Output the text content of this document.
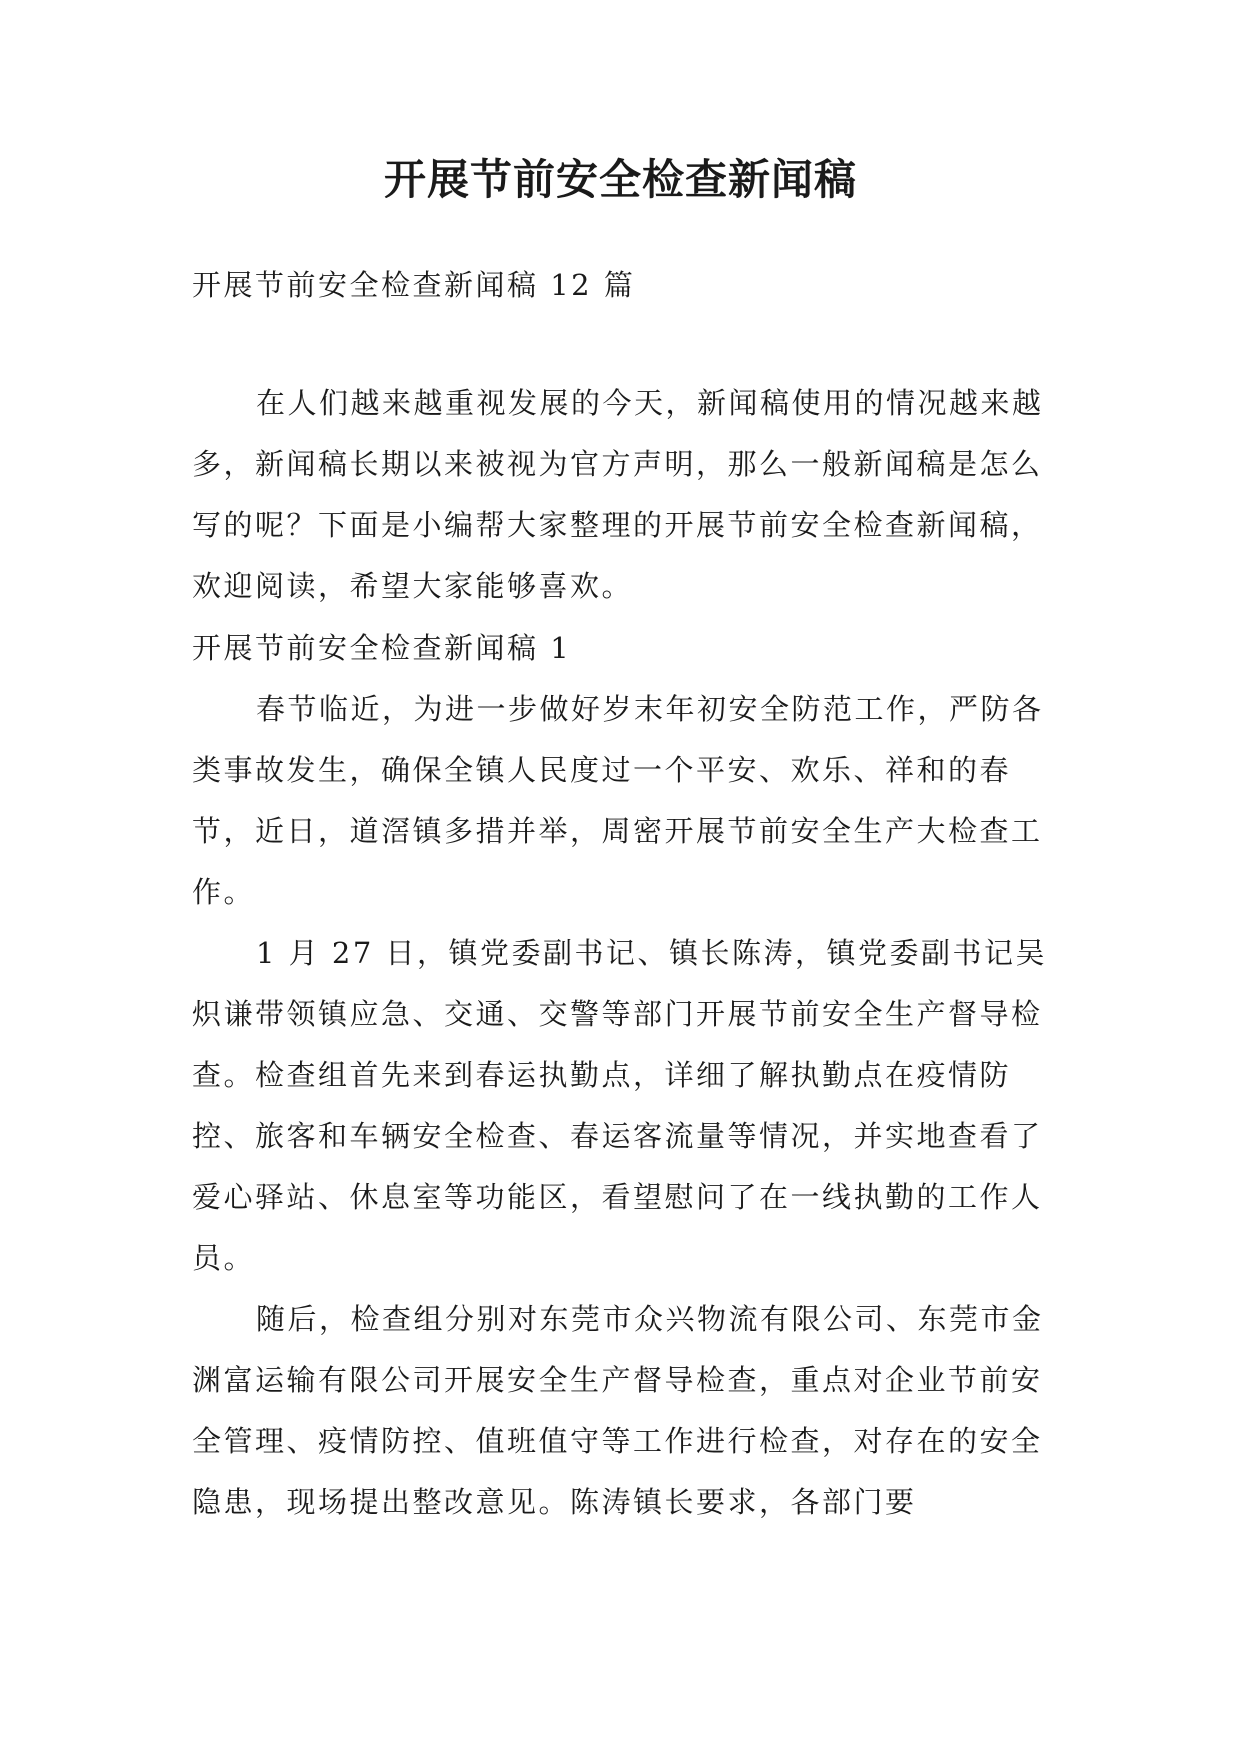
开展节前安全检查新闻稿

开展节前安全检查新闻稿 12 篇

在人们越来越重视发展的今天，新闻稿使用的情况越来越多，新闻稿长期以来被视为官方声明，那么一般新闻稿是怎么写的呢？下面是小编帮大家整理的开展节前安全检查新闻稿，欢迎阅读，希望大家能够喜欢。

开展节前安全检查新闻稿 1

春节临近，为进一步做好岁末年初安全防范工作，严防各类事故发生，确保全镇人民度过一个平安、欢乐、祥和的春节，近日，道滘镇多措并举，周密开展节前安全生产大检查工作。

1 月 27 日，镇党委副书记、镇长陈涛，镇党委副书记吴炽谦带领镇应急、交通、交警等部门开展节前安全生产督导检查。检查组首先来到春运执勤点，详细了解执勤点在疫情防控、旅客和车辆安全检查、春运客流量等情况，并实地查看了爱心驿站、休息室等功能区，看望慰问了在一线执勤的工作人员。

随后，检查组分别对东莞市众兴物流有限公司、东莞市金渊富运输有限公司开展安全生产督导检查，重点对企业节前安全管理、疫情防控、值班值守等工作进行检查，对存在的安全隐患，现场提出整改意见。陈涛镇长要求，各部门要
